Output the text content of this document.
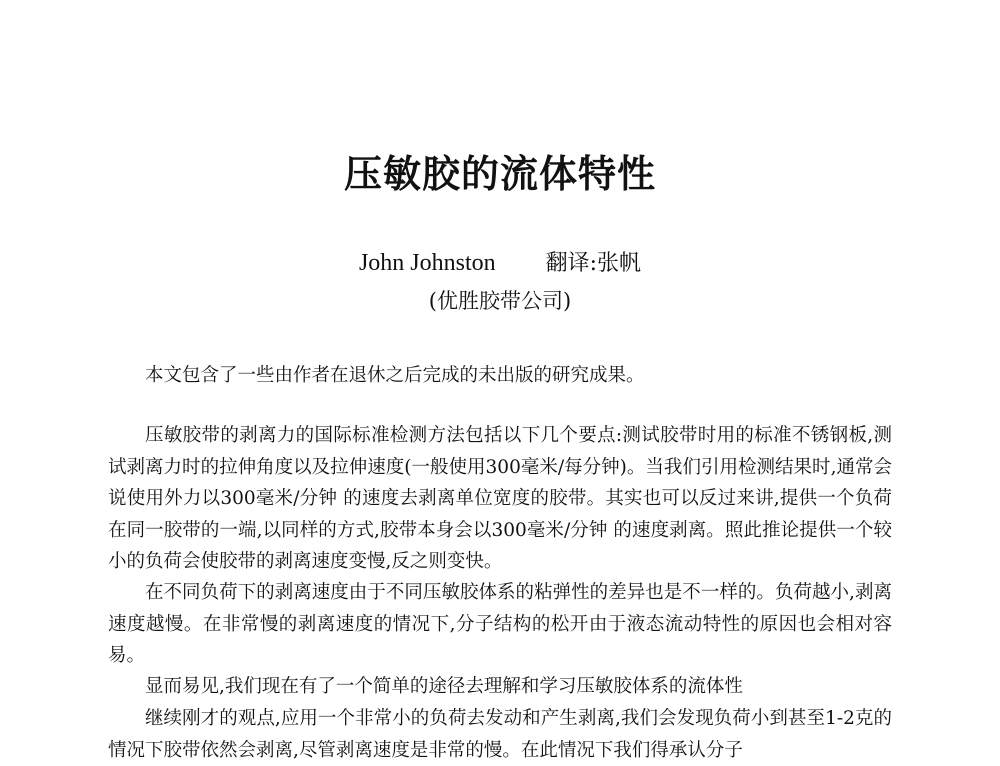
压敏胶的流体特性
John Johnston 翻译:张帆
(优胜胶带公司)

本文包含了一些由作者在退休之后完成的未出版的研究成果。

压敏胶带的剥离力的国际标准检测方法包括以下几个要点:测试胶带时用的标准不锈钢板,测试剥离力时的拉伸角度以及拉伸速度(一般使用300毫米/每分钟)。当我们引用检测结果时,通常会说使用外力以300毫米/分钟 的速度去剥离单位宽度的胶带。其实也可以反过来讲,提供一个负荷在同一胶带的一端,以同样的方式,胶带本身会以300毫米/分钟 的速度剥离。照此推论提供一个较小的负荷会使胶带的剥离速度变慢,反之则变快。

在不同负荷下的剥离速度由于不同压敏胶体系的粘弹性的差异也是不一样的。负荷越小,剥离速度越慢。在非常慢的剥离速度的情况下,分子结构的松开由于液态流动特性的原因也会相对容易。

显而易见,我们现在有了一个简单的途径去理解和学习压敏胶体系的流体性

继续刚才的观点,应用一个非常小的负荷去发动和产生剥离,我们会发现负荷小到甚至1-2克的情况下胶带依然会剥离,尽管剥离速度是非常的慢。在此情况下我们得承认分子
